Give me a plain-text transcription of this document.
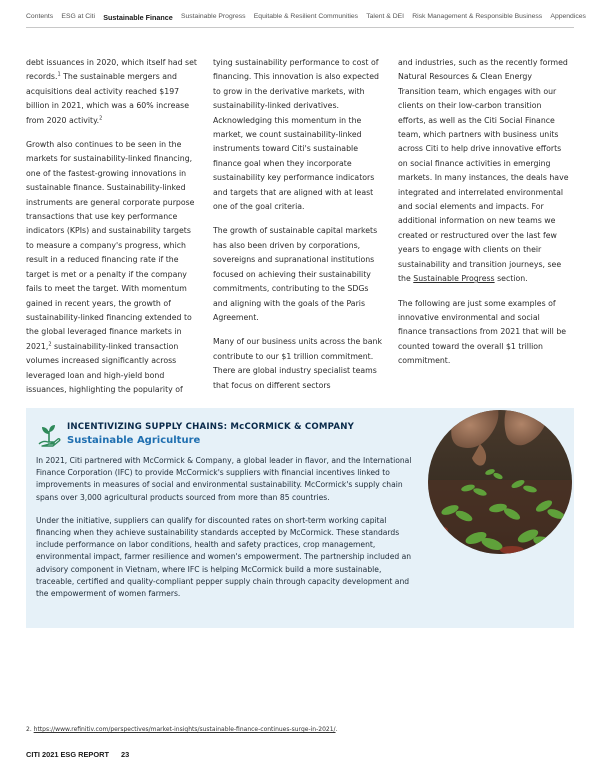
Contents ESG at Citi Sustainable Finance Sustainable Progress Equitable & Resilient Communities Talent & DEI Risk Management & Responsible Business Appendices

debt issuances in 2020, which itself had set records.$^1$ The sustainable mergers and acquisitions deal activity reached $197 billion in 2021, which was a 60% increase from 2020 activity.$^2$

Growth also continues to be seen in the markets for sustainability-linked financing, one of the fastest-growing innovations in sustainable finance. Sustainability-linked instruments are general corporate purpose transactions that use key performance indicators (KPIs) and sustainability targets to measure a company's progress, which result in a reduced financing rate if the target is met or a penalty if the company fails to meet the target. With momentum gained in recent years, the growth of sustainability-linked financing extended to the global leveraged finance markets in 2021,$^2$ sustainability-linked transaction volumes increased significantly across leveraged loan and high-yield bond issuances, highlighting the popularity of

tying sustainability performance to cost of financing. This innovation is also expected to grow in the derivative markets, with sustainability-linked derivatives. Acknowledging this momentum in the market, we count sustainability-linked instruments toward Citi's sustainable finance goal when they incorporate sustainability key performance indicators and targets that are aligned with at least one of the goal criteria.

The growth of sustainable capital markets has also been driven by corporations, sovereigns and supranational institutions focused on achieving their sustainability commitments, contributing to the SDGs and aligning with the goals of the Paris Agreement.

Many of our business units across the bank contribute to our $1 trillion commitment. There are global industry specialist teams that focus on different sectors

and industries, such as the recently formed Natural Resources & Clean Energy Transition team, which engages with our clients on their low-carbon transition efforts, as well as the Citi Social Finance team, which partners with business units across Citi to help drive innovative efforts on social finance activities in emerging markets. In many instances, the deals have integrated and interrelated environmental and social elements and impacts. For additional information on new teams we created or restructured over the last few years to engage with clients on their sustainability and transition journeys, see the Sustainable Progress section.

The following are just some examples of innovative environmental and social finance transactions from 2021 that will be counted toward the overall $1 trillion commitment.

INCENTIVIZING SUPPLY CHAINS: McCORMICK & COMPANY
Sustainable Agriculture

In 2021, Citi partnered with McCormick & Company, a global leader in flavor, and the International Finance Corporation (IFC) to provide McCormick's suppliers with financial incentives linked to improvements in measures of social and environmental sustainability. McCormick's supply chain spans over 3,000 agricultural products sourced from more than 85 countries.

Under the initiative, suppliers can qualify for discounted rates on short-term working capital financing when they achieve sustainability standards accepted by McCormick. These standards include performance on labor conditions, health and safety practices, crop management, environmental impact, farmer resilience and women's empowerment. The partnership included an advisory component in Vietnam, where IFC is helping McCormick build a more sustainable, traceable, certified and quality-compliant pepper supply chain through capacity development and the empowerment of women farmers.

2. https://www.refinitiv.com/perspectives/market-insights/sustainable-finance-continues-surge-in-2021/.
CITI 2021 ESG REPORT 23
